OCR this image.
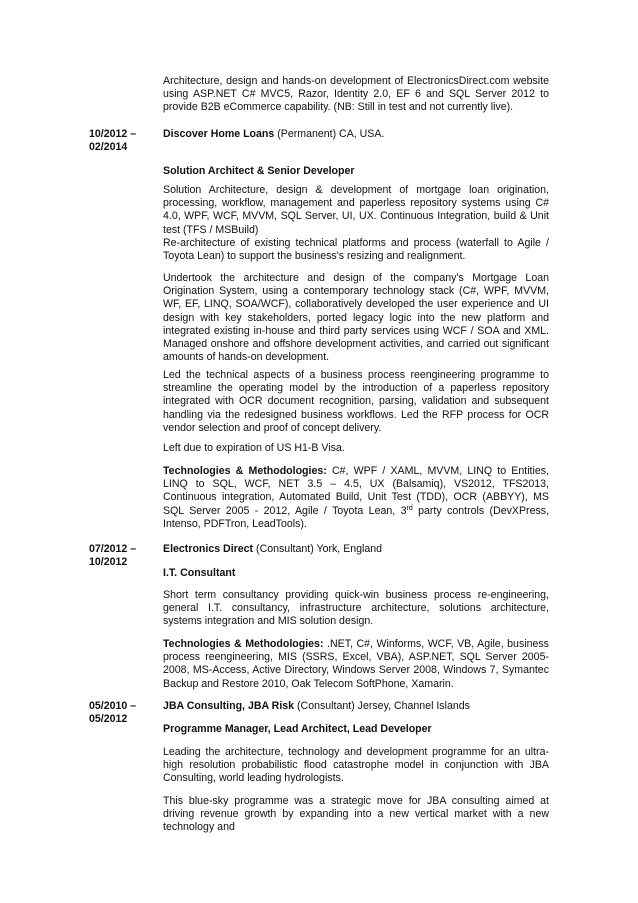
Architecture, design and hands-on development of ElectronicsDirect.com website using ASP.NET C# MVC5, Razor, Identity 2.0, EF 6 and SQL Server 2012 to provide B2B eCommerce capability. (NB: Still in test and not currently live).

10/2012 – 02/2014

Discover Home Loans (Permanent) CA, USA.

Solution Architect & Senior Developer

Solution Architecture, design & development of mortgage loan origination, processing, workflow, management and paperless repository systems using C# 4.0, WPF, WCF, MVVM, SQL Server, UI, UX. Continuous Integration, build & Unit test (TFS / MSBuild)

Re-architecture of existing technical platforms and process (waterfall to Agile / Toyota Lean) to support the business's resizing and realignment.

Undertook the architecture and design of the company's Mortgage Loan Origination System, using a contemporary technology stack (C#, WPF, MVVM, WF, EF, LINQ, SOA/WCF), collaboratively developed the user experience and UI design with key stakeholders, ported legacy logic into the new platform and integrated existing in-house and third party services using WCF / SOA and XML. Managed onshore and offshore development activities, and carried out significant amounts of hands-on development.

Led the technical aspects of a business process reengineering programme to streamline the operating model by the introduction of a paperless repository integrated with OCR document recognition, parsing, validation and subsequent handling via the redesigned business workflows. Led the RFP process for OCR vendor selection and proof of concept delivery.

Left due to expiration of US H1-B Visa.

Technologies & Methodologies: C#, WPF / XAML, MVVM, LINQ to Entities, LINQ to SQL, WCF, NET 3.5 – 4.5, UX (Balsamiq), VS2012, TFS2013, Continuous integration, Automated Build, Unit Test (TDD), OCR (ABBYY), MS SQL Server 2005 - 2012, Agile / Toyota Lean, 3rd party controls (DevXPress, Intenso, PDFTron, LeadTools).

07/2012 – 10/2012

Electronics Direct (Consultant) York, England

I.T. Consultant

Short term consultancy providing quick-win business process re-engineering, general I.T. consultancy, infrastructure architecture, solutions architecture, systems integration and MIS solution design.

Technologies & Methodologies: .NET, C#, Winforms, WCF, VB, Agile, business process reengineering, MIS (SSRS, Excel, VBA), ASP.NET, SQL Server 2005-2008, MS-Access, Active Directory, Windows Server 2008, Windows 7, Symantec Backup and Restore 2010, Oak Telecom SoftPhone, Xamarin.

05/2010 – 05/2012

JBA Consulting, JBA Risk (Consultant) Jersey, Channel Islands

Programme Manager, Lead Architect, Lead Developer

Leading the architecture, technology and development programme for an ultra-high resolution probabilistic flood catastrophe model in conjunction with JBA Consulting, world leading hydrologists.

This blue-sky programme was a strategic move for JBA consulting aimed at driving revenue growth by expanding into a new vertical market with a new technology and
